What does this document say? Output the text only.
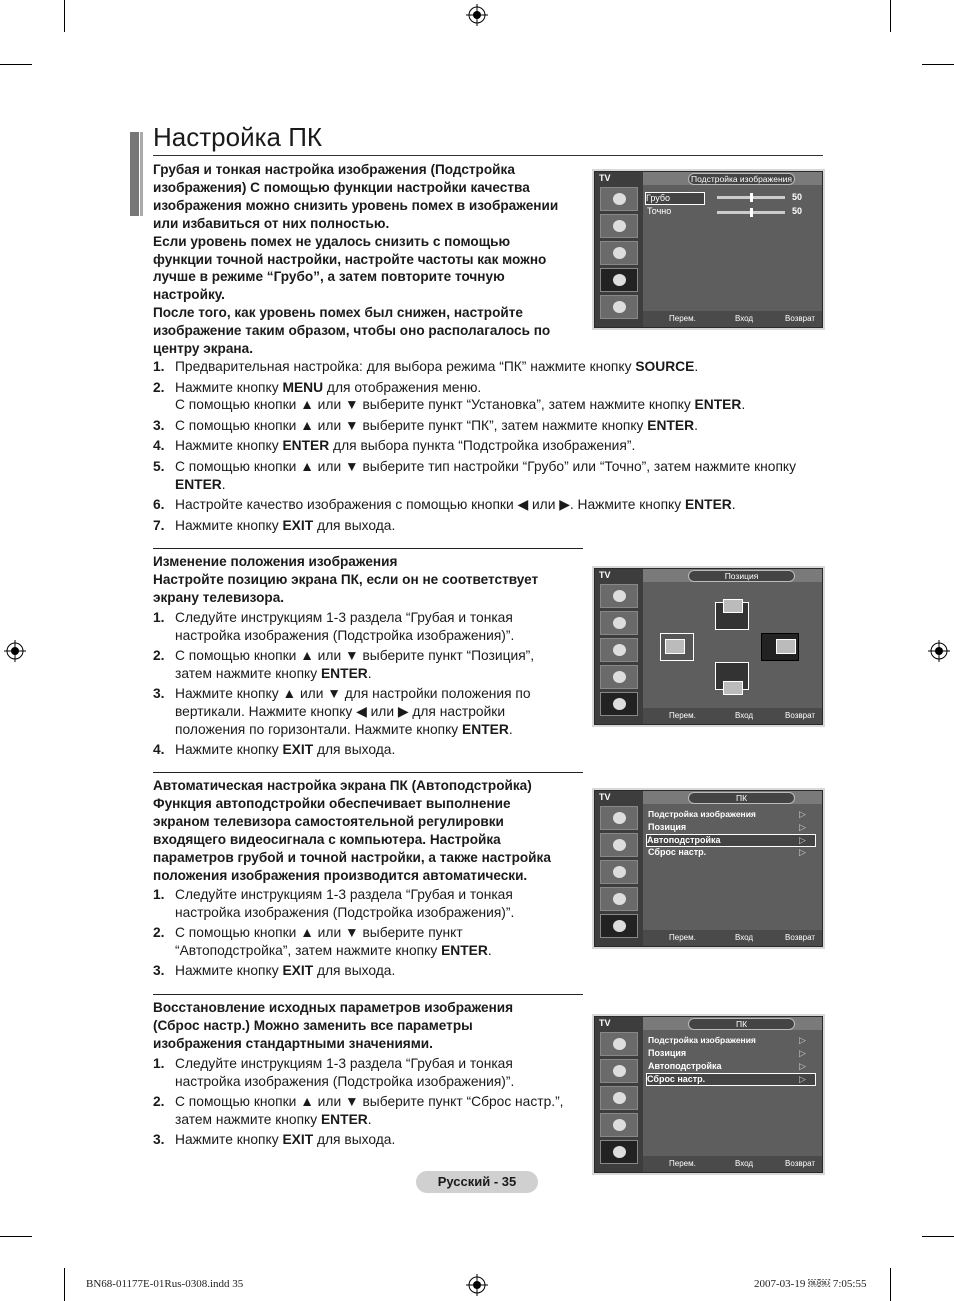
Настройка ПК
Грубая и тонкая настройка изображения (Подстройка
изображения) С помощью функции настройки качества
изображения можно снизить уровень помех в изображении
или избавиться от них полностью.
Если уровень помех не удалось снизить с помощью
функции точной настройки, настройте частоты как можно
лучше в режиме “Грубо”, а затем повторите точную
настройку.
После того, как уровень помех был снижен, настройте
изображение таким образом, чтобы оно располагалось по
центру экрана.
1. Предварительная настройка: для выбора режима “ПК” нажмите кнопку SOURCE.
2. Нажмите кнопку MENU для отображения меню.
С помощью кнопки ▲ или ▼ выберите пункт “Установка”, затем нажмите кнопку ENTER.
3. С помощью кнопки ▲ или ▼ выберите пункт “ПК”, затем нажмите кнопку ENTER.
4. Нажмите кнопку ENTER для выбора пункта “Подстройка изображения”.
5. С помощью кнопки ▲ или ▼ выберите тип настройки “Грубо” или “Точно”, затем нажмите кнопку ENTER.
6. Настройте качество изображения с помощью кнопки ◀ или ▶. Нажмите кнопку ENTER.
7. Нажмите кнопку EXIT для выхода.
Изменение положения изображения
Настройте позицию экрана ПК, если он не соответствует
экрану телевизора.
1. Следуйте инструкциям 1-3 раздела “Грубая и тонкая настройка изображения (Подстройка изображения)”.
2. С помощью кнопки ▲ или ▼ выберите пункт “Позиция”, затем нажмите кнопку ENTER.
3. Нажмите кнопку ▲ или ▼ для настройки положения по вертикали. Нажмите кнопку ◀ или ▶ для настройки положения по горизонтали. Нажмите кнопку ENTER.
4. Нажмите кнопку EXIT для выхода.
Автоматическая настройка экрана ПК (Автоподстройка)
Функция автоподстройки обеспечивает выполнение
экраном телевизора самостоятельной регулировки
входящего видеосигнала с компьютера. Настройка
параметров грубой и точной настройки, а также настройка
положения изображения производится автоматически.
1. Следуйте инструкциям 1-3 раздела “Грубая и тонкая настройка изображения (Подстройка изображения)”.
2. С помощью кнопки ▲ или ▼ выберите пункт “Автоподстройка”, затем нажмите кнопку ENTER.
3. Нажмите кнопку EXIT для выхода.
Восстановление исходных параметров изображения
(Сброс настр.) Можно заменить все параметры
изображения стандартными значениями.
1. Следуйте инструкциям 1-3 раздела “Грубая и тонкая настройка изображения (Подстройка изображения)”.
2. С помощью кнопки ▲ или ▼ выберите пункт “Сброс настр.”, затем нажмите кнопку ENTER.
3. Нажмите кнопку EXIT для выхода.
TV	Подстройка изображения
Грубо	50
Точно	50
Перем.	Вход	Возврат
TV	Позиция
Перем.	Вход	Возврат
TV	ПК
Подстройка изображения	▷
Позиция	▷
Автоподстройка	▷
Сброс настр.	▷
Перем.	Вход	Возврат
TV	ПК
Подстройка изображения	▷
Позиция	▷
Автоподстройка	▷
Сброс настр.	▷
Перем.	Вход	Возврат
Русский - 35
BN68-01177E-01Rus-0308.indd 35	2007-03-19 ￼￼ 7:05:55
